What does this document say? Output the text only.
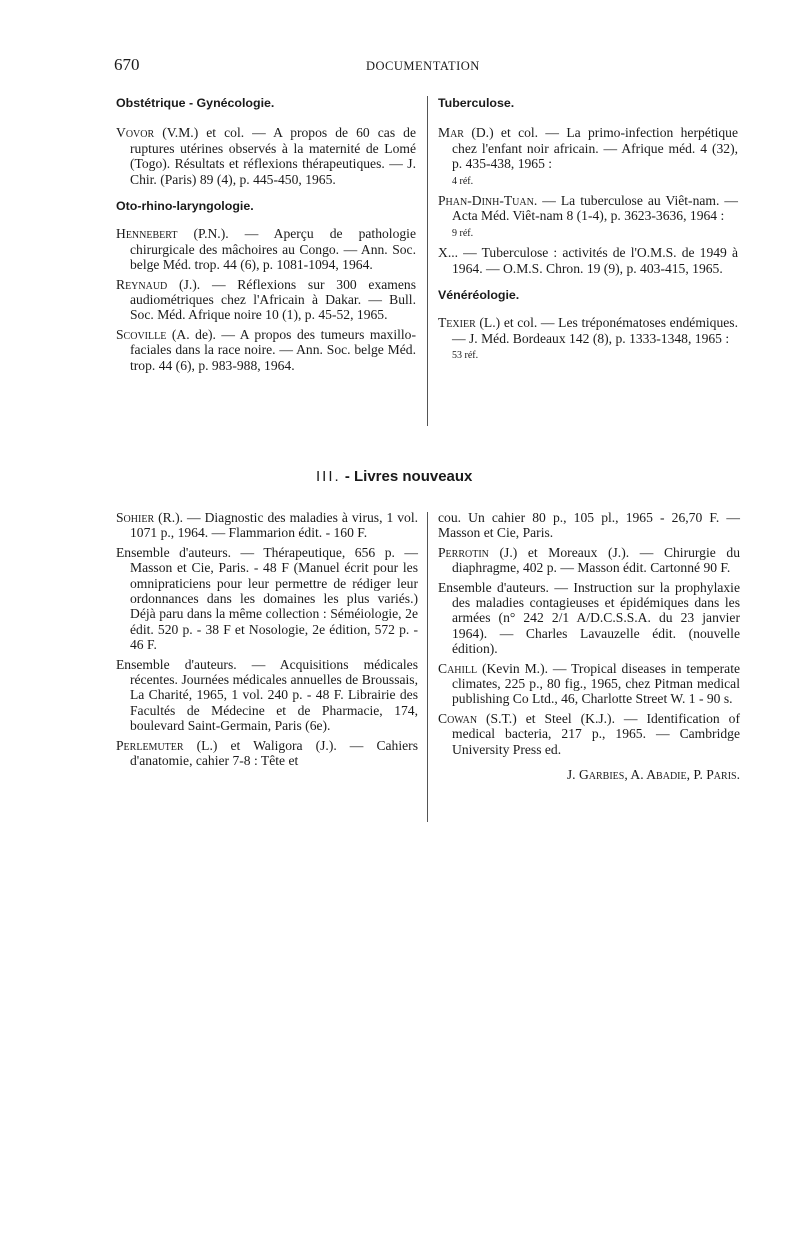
670	DOCUMENTATION
Obstétrique - Gynécologie.

Vovor (V.M.) et col. — A propos de 60 cas de ruptures utérines observés à la maternité de Lomé (Togo). Résultats et réflexions thérapeutiques. — J. Chir. (Paris) 89 (4), p. 445-450, 1965.

Oto-rhino-laryngologie.

Hennebert (P.N.). — Aperçu de pathologie chirurgicale des mâchoires au Congo. — Ann. Soc. belge Méd. trop. 44 (6), p. 1081-1094, 1964.

Reynaud (J.). — Réflexions sur 300 examens audiométriques chez l'Africain à Dakar. — Bull. Soc. Méd. Afrique noire 10 (1), p. 45-52, 1965.

Scoville (A. de). — A propos des tumeurs maxillo-faciales dans la race noire. — Ann. Soc. belge Méd. trop. 44 (6), p. 983-988, 1964.

Tuberculose.

Mar (D.) et col. — La primo-infection herpétique chez l'enfant noir africain. — Afrique méd. 4 (32), p. 435-438, 1965 :
4 réf.

Phan-Dinh-Tuan. — La tuberculose au Viêt-nam. — Acta Méd. Viêt-nam 8 (1-4), p. 3623-3636, 1964 :
9 réf.

X... — Tuberculose : activités de l'O.M.S. de 1949 à 1964. — O.M.S. Chron. 19 (9), p. 403-415, 1965.

Vénéréologie.

Texier (L.) et col. — Les tréponématoses endémiques. — J. Méd. Bordeaux 142 (8), p. 1333-1348, 1965 :
53 réf.

III. - Livres nouveaux

Sohier (R.). — Diagnostic des maladies à virus, 1 vol. 1071 p., 1964. — Flammarion édit. - 160 F.

Ensemble d'auteurs. — Thérapeutique, 656 p. — Masson et Cie, Paris. - 48 F (Manuel écrit pour les omnipraticiens pour leur permettre de rédiger leur ordonnances dans les domaines les plus variés.) Déjà paru dans la même collection : Séméiologie, 2e édit. 520 p. - 38 F et Nosologie, 2e édition, 572 p. - 46 F.

Ensemble d'auteurs. — Acquisitions médicales récentes. Journées médicales annuelles de Broussais, La Charité, 1965, 1 vol. 240 p. - 48 F. Librairie des Facultés de Médecine et de Pharmacie, 174, boulevard Saint-Germain, Paris (6e).

Perlemuter (L.) et Waligora (J.). — Cahiers d'anatomie, cahier 7-8 : Tête et

cou. Un cahier 80 p., 105 pl., 1965 - 26,70 F. — Masson et Cie, Paris.

Perrotin (J.) et Moreaux (J.). — Chirurgie du diaphragme, 402 p. — Masson édit. Cartonné 90 F.

Ensemble d'auteurs. — Instruction sur la prophylaxie des maladies contagieuses et épidémiques dans les armées (n° 242 2/1 A/D.C.S.S.A. du 23 janvier 1964). — Charles Lavauzelle édit. (nouvelle édition).

Cahill (Kevin M.). — Tropical diseases in temperate climates, 225 p., 80 fig., 1965, chez Pitman medical publishing Co Ltd., 46, Charlotte Street W. 1 - 90 s.

Cowan (S.T.) et Steel (K.J.). — Identification of medical bacteria, 217 p., 1965. — Cambridge University Press ed.

J. Garbies, A. Abadie, P. Paris.
